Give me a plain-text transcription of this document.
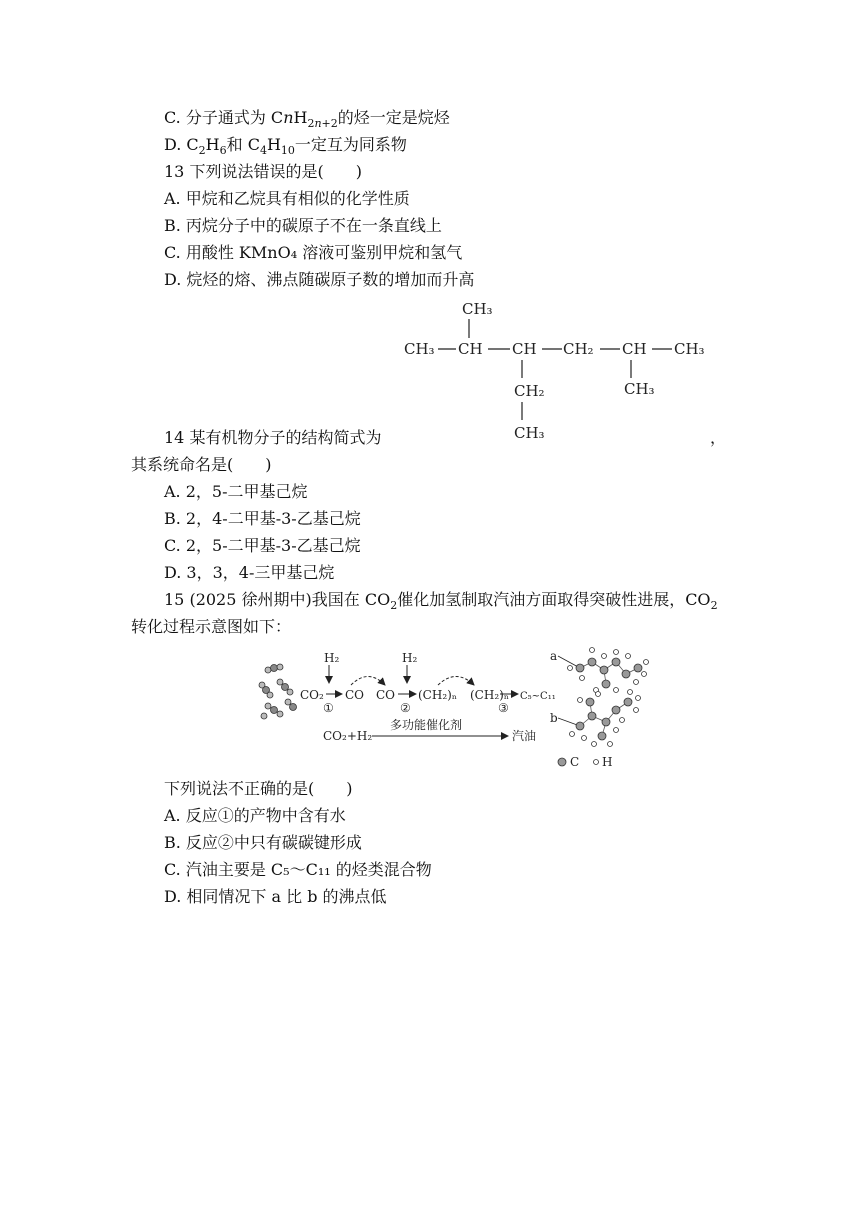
C. 分子通式为 CnH$_{2n+2}$的烃一定是烷烃
D. $C_2H_6$和 $C_4H_{10}$一定互为同系物
13 下列说法错误的是(　　)
A. 甲烷和乙烷具有相似的化学性质
B. 丙烷分子中的碳原子不在一条直线上
C. 用酸性 KMnO₄ 溶液可鉴别甲烷和氢气
D. 烷烃的熔、沸点随碳原子数的增加而升高
CH₃
CH₃ CH CH CH₂ CH CH₃
CH₂
CH₃
CH₃
14 某有机物分子的结构简式为	，
其系统命名是(　　)
A. 2，5-二甲基己烷
B. 2，4-二甲基-3-乙基己烷
C. 2，5-二甲基-3-乙基己烷
D. 3，3，4-三甲基己烷
15 (2025 徐州期中)我国在 $CO_2$催化加氢制取汽油方面取得突破性进展，$CO_2$
转化过程示意图如下：
H₂
CO₂
①
CO CO
H₂
②
(CH₂)ₙ (CH₂)ₙ
③
C₅~C₁₁
多功能催化剂
CO₂+H₂	汽油
a
b
C H
下列说法不正确的是(　　)
A. 反应①的产物中含有水
B. 反应②中只有碳碳键形成
C. 汽油主要是 C₅～C₁₁ 的烃类混合物
D. 相同情况下 a 比 b 的沸点低
